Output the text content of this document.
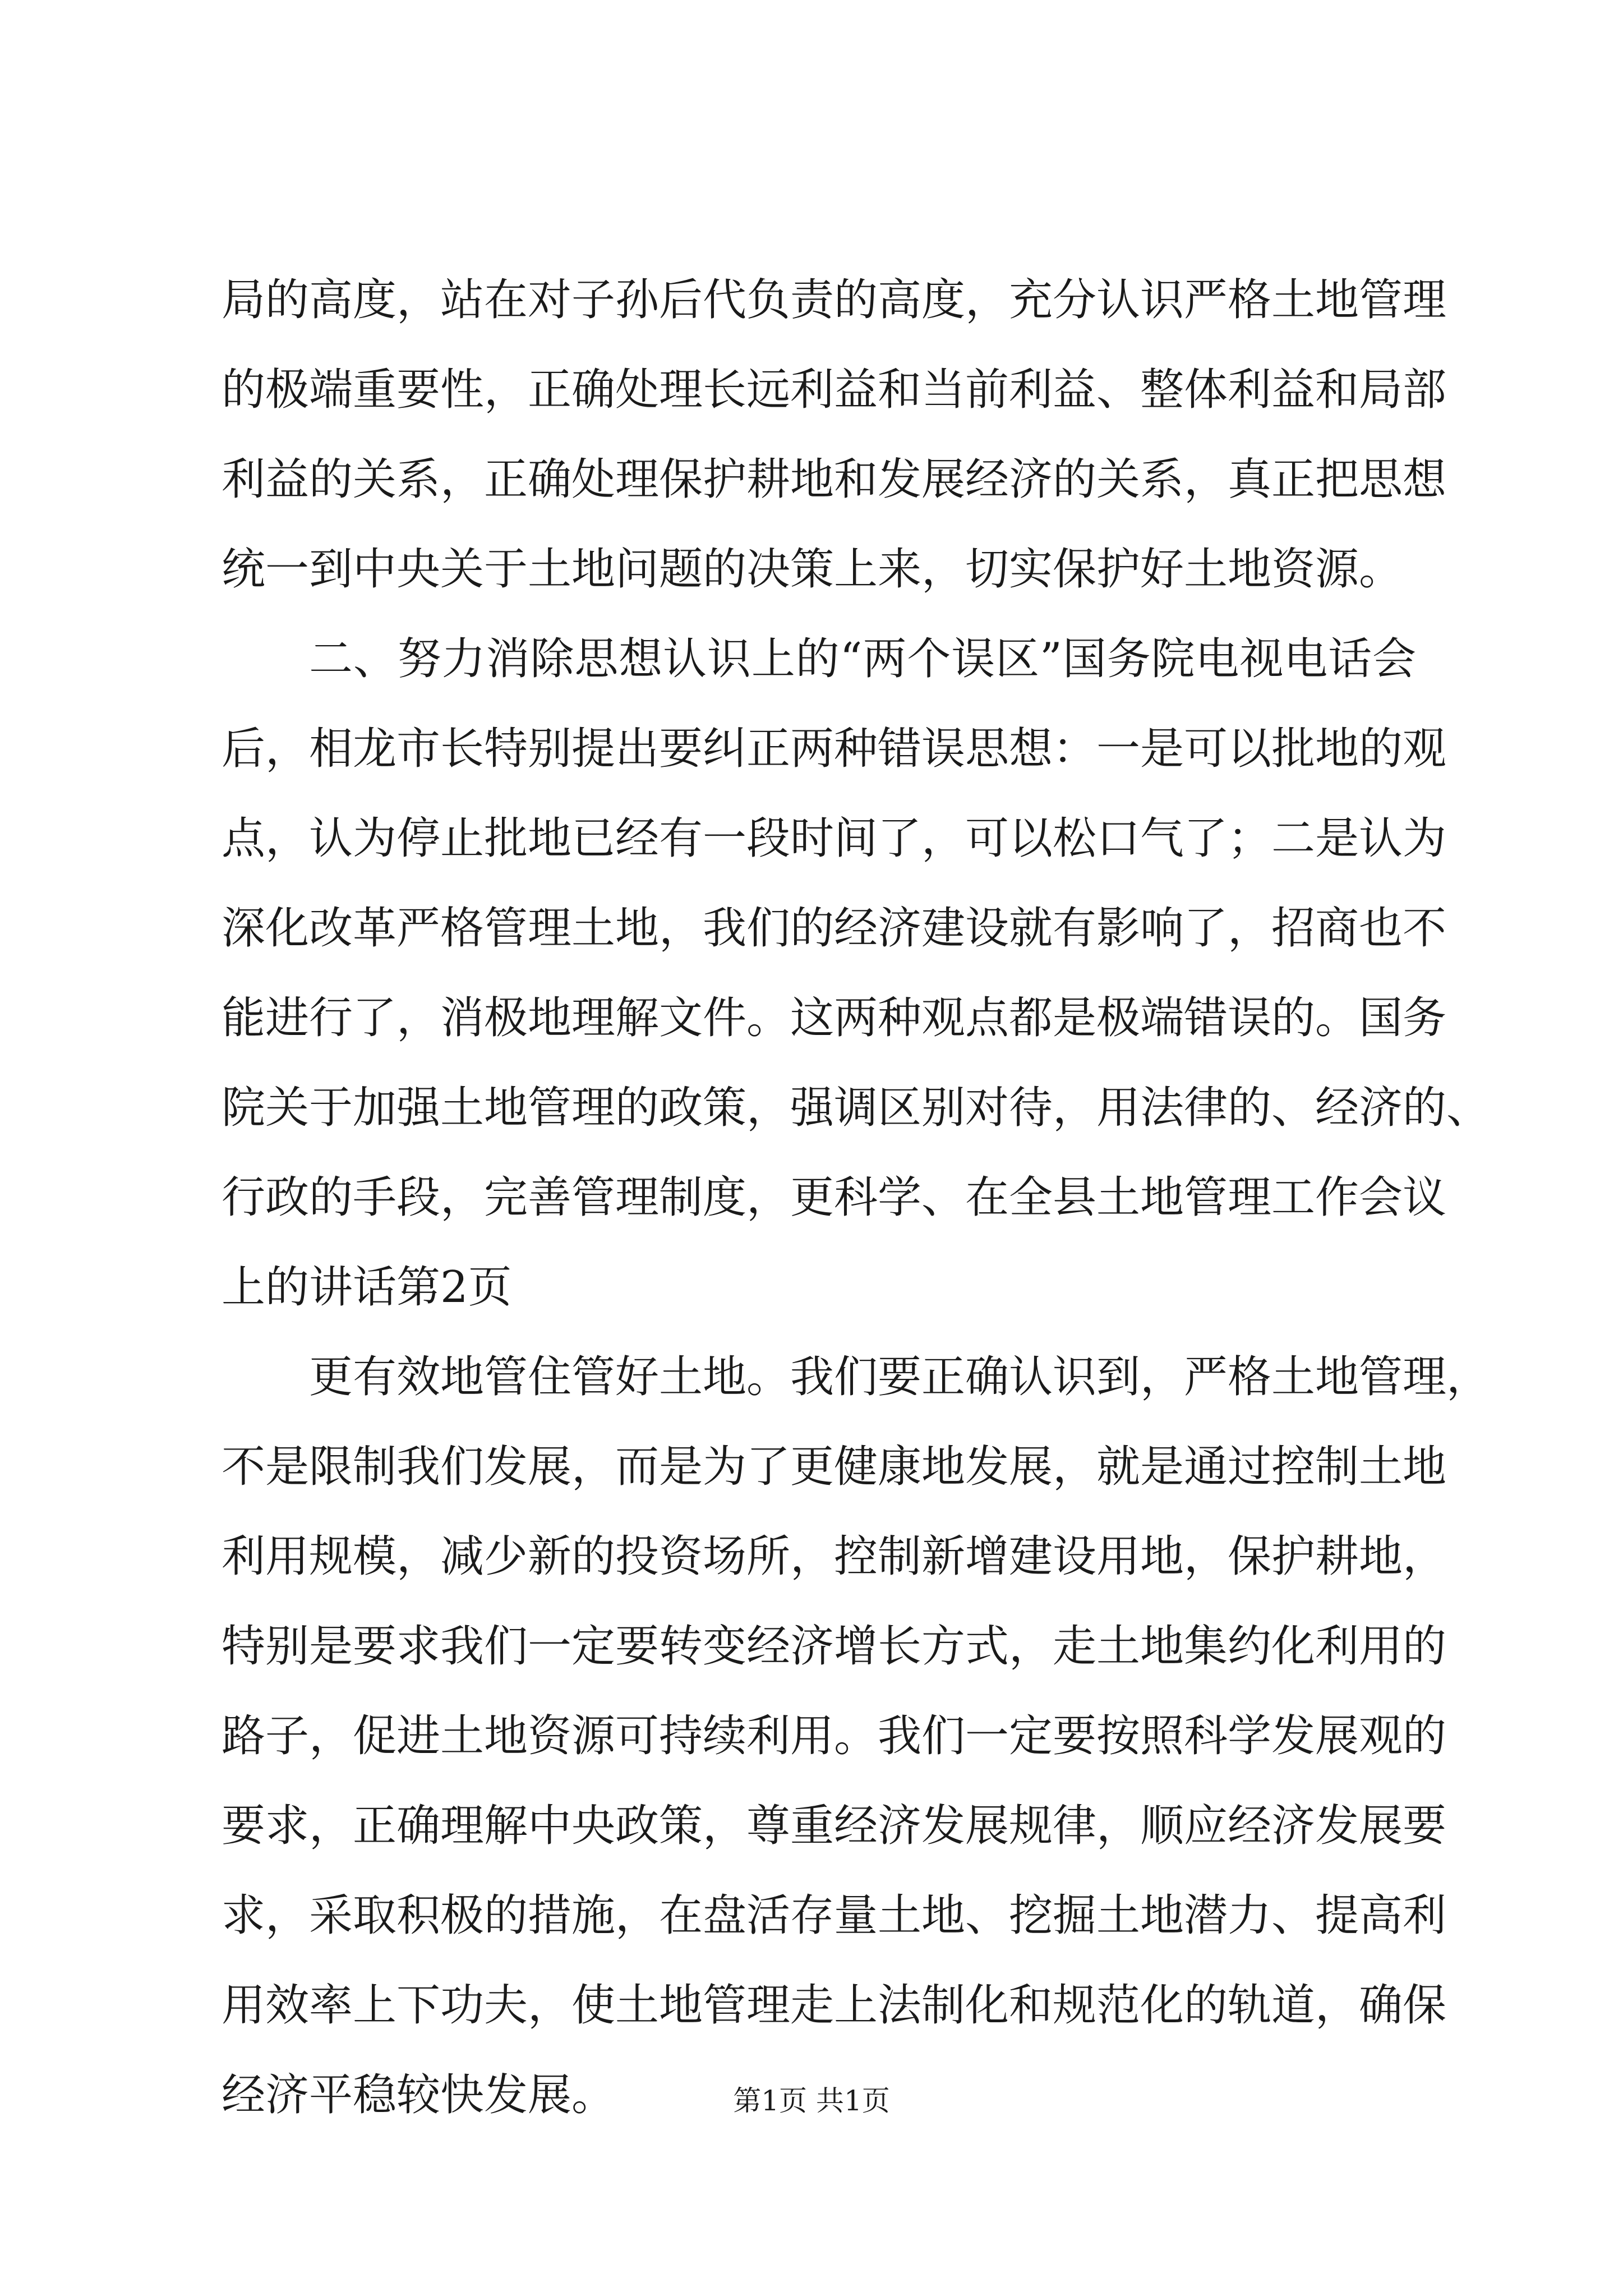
局的高度，站在对子孙后代负责的高度，充分认识严格土地管理
的极端重要性，正确处理长远利益和当前利益、整体利益和局部
利益的关系，正确处理保护耕地和发展经济的关系，真正把思想
统一到中央关于土地问题的决策上来，切实保护好土地资源。
二、努力消除思想认识上的“两个误区”国务院电视电话会
后，相龙市长特别提出要纠正两种错误思想：一是可以批地的观
点，认为停止批地已经有一段时间了，可以松口气了；二是认为
深化改革严格管理土地，我们的经济建设就有影响了，招商也不
能进行了，消极地理解文件。这两种观点都是极端错误的。国务
院关于加强土地管理的政策，强调区别对待，用法律的、经济的、
行政的手段，完善管理制度，更科学、在全县土地管理工作会议
上的讲话第2页
更有效地管住管好土地。我们要正确认识到，严格土地管理，
不是限制我们发展，而是为了更健康地发展，就是通过控制土地
利用规模，减少新的投资场所，控制新增建设用地，保护耕地，
特别是要求我们一定要转变经济增长方式，走土地集约化利用的
路子，促进土地资源可持续利用。我们一定要按照科学发展观的
要求，正确理解中央政策，尊重经济发展规律，顺应经济发展要
求，采取积极的措施，在盘活存量土地、挖掘土地潜力、提高利
用效率上下功夫，使土地管理走上法制化和规范化的轨道，确保
经济平稳较快发展。	第1页 共1页
